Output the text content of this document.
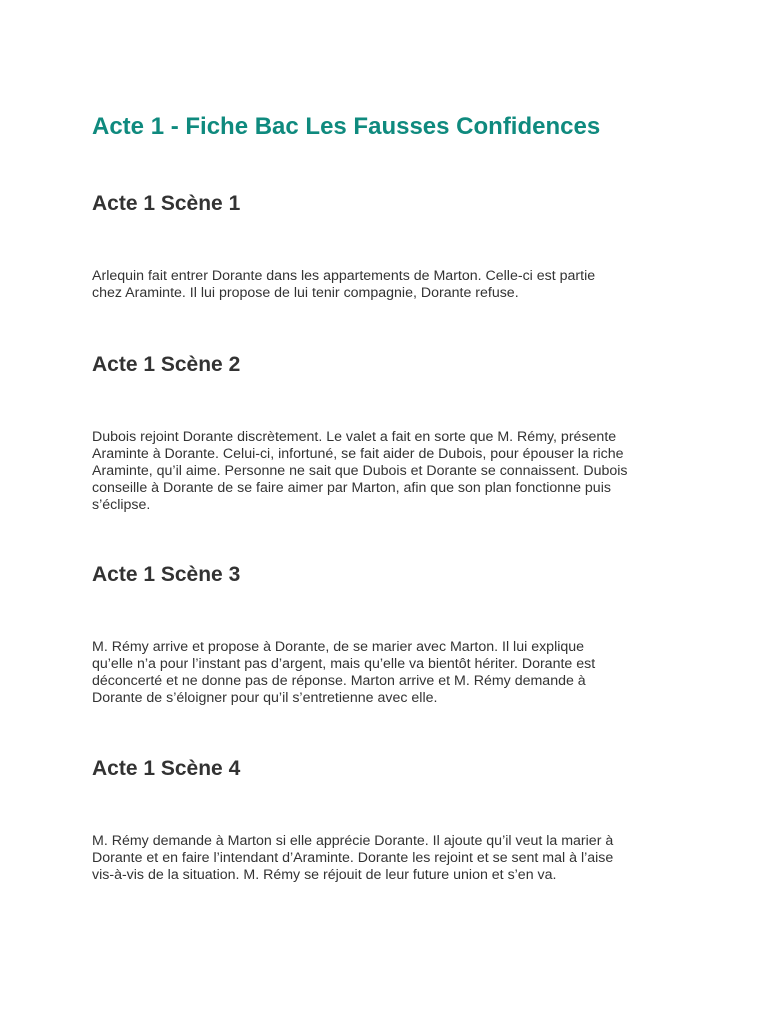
Acte 1 - Fiche Bac Les Fausses Confidences
Acte 1 Scène 1

Arlequin fait entrer Dorante dans les appartements de Marton. Celle-ci est partie
chez Araminte. Il lui propose de lui tenir compagnie, Dorante refuse.

Acte 1 Scène 2

Dubois rejoint Dorante discrètement. Le valet a fait en sorte que M. Rémy, présente
Araminte à Dorante. Celui-ci, infortuné, se fait aider de Dubois, pour épouser la riche
Araminte, qu’il aime. Personne ne sait que Dubois et Dorante se connaissent. Dubois
conseille à Dorante de se faire aimer par Marton, afin que son plan fonctionne puis
s’éclipse.

Acte 1 Scène 3

M. Rémy arrive et propose à Dorante, de se marier avec Marton. Il lui explique
qu’elle n’a pour l’instant pas d’argent, mais qu’elle va bientôt hériter. Dorante est
déconcerté et ne donne pas de réponse. Marton arrive et M. Rémy demande à
Dorante de s’éloigner pour qu’il s’entretienne avec elle.

Acte 1 Scène 4

M. Rémy demande à Marton si elle apprécie Dorante. Il ajoute qu’il veut la marier à
Dorante et en faire l’intendant d’Araminte. Dorante les rejoint et se sent mal à l’aise
vis-à-vis de la situation. M. Rémy se réjouit de leur future union et s’en va.
